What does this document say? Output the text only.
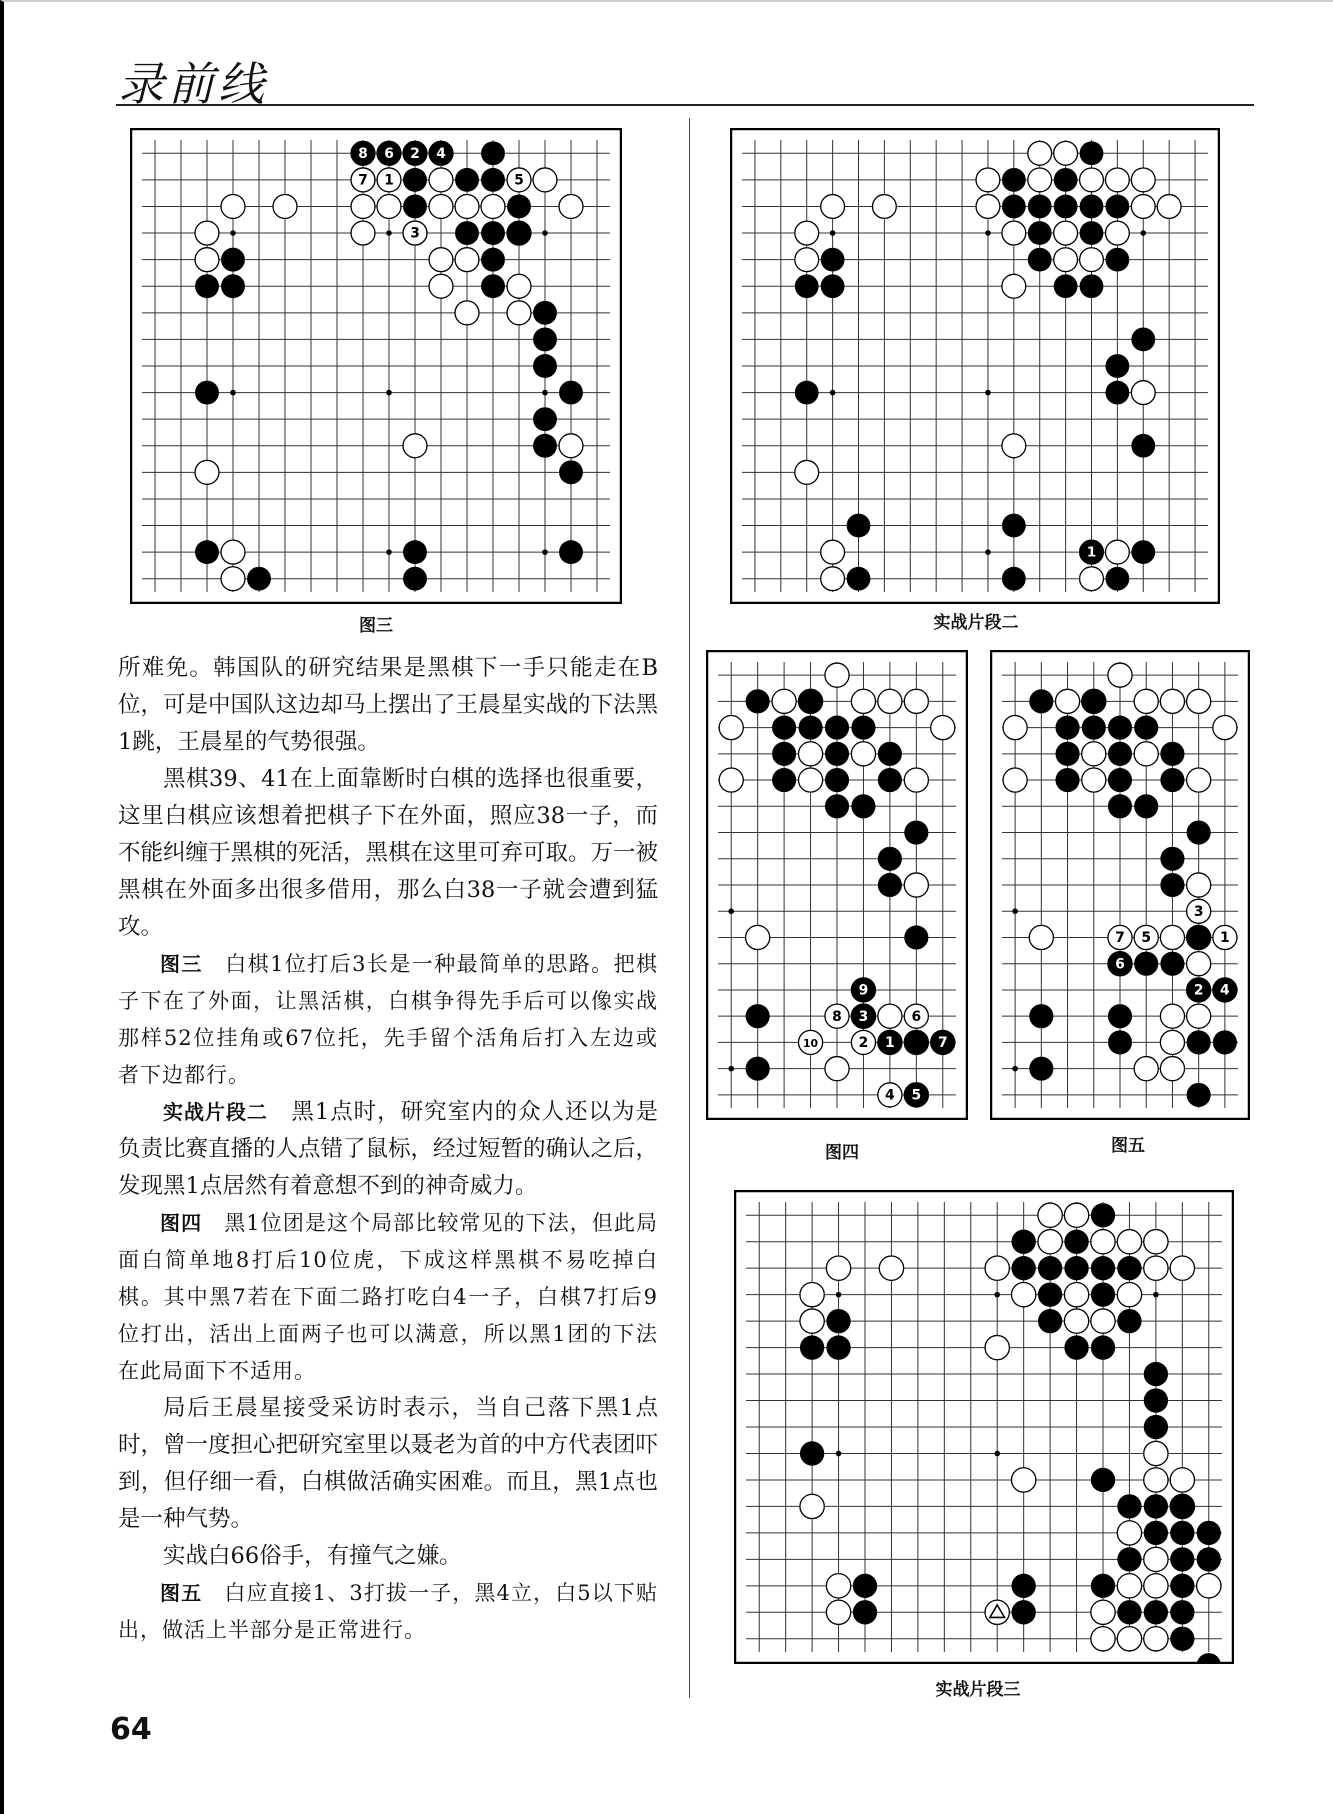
录前线
8 6 2 4
7 1	5
3
图三
1
实战片段二
9
8 3	6
10	2 1	7
4 5
图四
3
7 5	1
6
2 4
图五
实战片段三

所难免。韩国队的研究结果是黑棋下一手只能走在B位，可是中国队这边却马上摆出了王晨星实战的下法黑1跳，王晨星的气势很强。

黑棋39、41在上面靠断时白棋的选择也很重要，这里白棋应该想着把棋子下在外面，照应38一子，而不能纠缠于黑棋的死活，黑棋在这里可弃可取。万一被黑棋在外面多出很多借用，那么白38一子就会遭到猛攻。

图三　白棋1位打后3长是一种最简单的思路。把棋子下在了外面，让黑活棋，白棋争得先手后可以像实战那样52位挂角或67位托，先手留个活角后打入左边或者下边都行。

实战片段二　黑1点时，研究室内的众人还以为是负责比赛直播的人点错了鼠标，经过短暂的确认之后，发现黑1点居然有着意想不到的神奇威力。

图四　黑1位团是这个局部比较常见的下法，但此局面白简单地8打后10位虎，下成这样黑棋不易吃掉白棋。其中黑7若在下面二路打吃白4一子，白棋7打后9位打出，活出上面两子也可以满意，所以黑1团的下法在此局面下不适用。

局后王晨星接受采访时表示，当自己落下黑1点时，曾一度担心把研究室里以聂老为首的中方代表团吓到，但仔细一看，白棋做活确实困难。而且，黑1点也是一种气势。

实战白66俗手，有撞气之嫌。

图五　白应直接1、3打拔一子，黑4立，白5以下贴出，做活上半部分是正常进行。

64
